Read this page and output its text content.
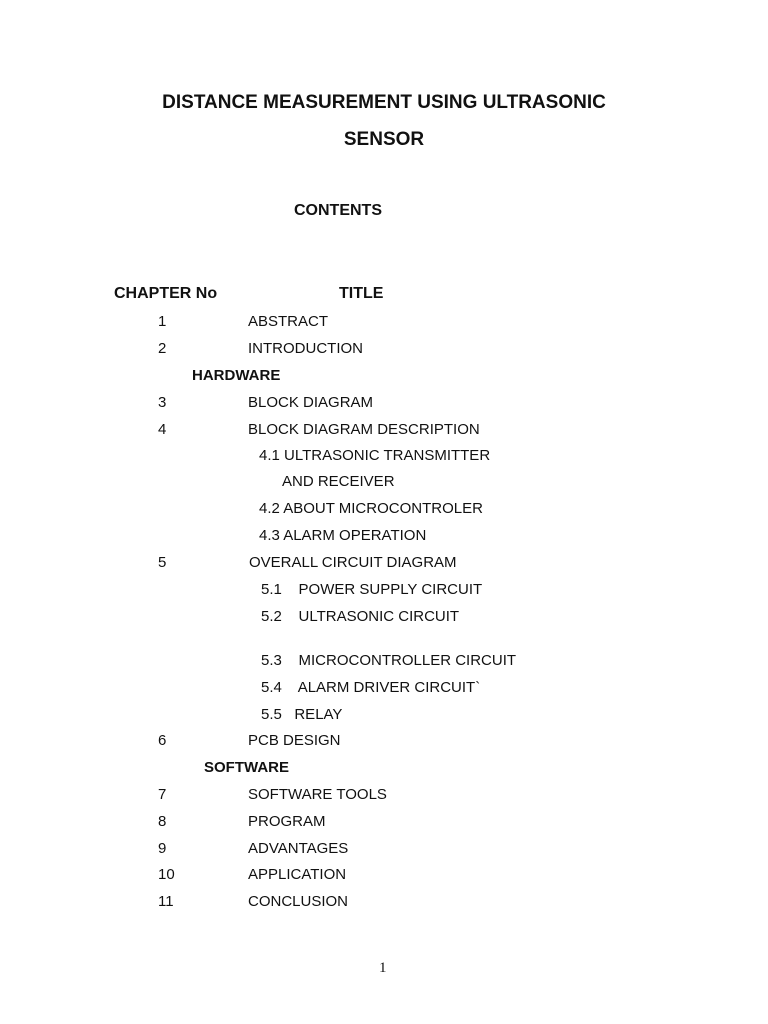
DISTANCE MEASUREMENT USING ULTRASONIC
SENSOR
CONTENTS
CHAPTER No	TITLE
1	ABSTRACT
2	INTRODUCTION
HARDWARE
3	BLOCK DIAGRAM
4	BLOCK DIAGRAM DESCRIPTION
4.1 ULTRASONIC TRANSMITTER
AND RECEIVER
4.2 ABOUT MICROCONTROLER
4.3 ALARM OPERATION
5	OVERALL CIRCUIT DIAGRAM
5.1    POWER SUPPLY CIRCUIT
5.2    ULTRASONIC CIRCUIT
5.3    MICROCONTROLLER CIRCUIT
5.4    ALARM DRIVER CIRCUIT`
5.5   RELAY
6	PCB DESIGN
SOFTWARE
7	SOFTWARE TOOLS
8	PROGRAM
9	ADVANTAGES
10	APPLICATION
11	CONCLUSION
1
